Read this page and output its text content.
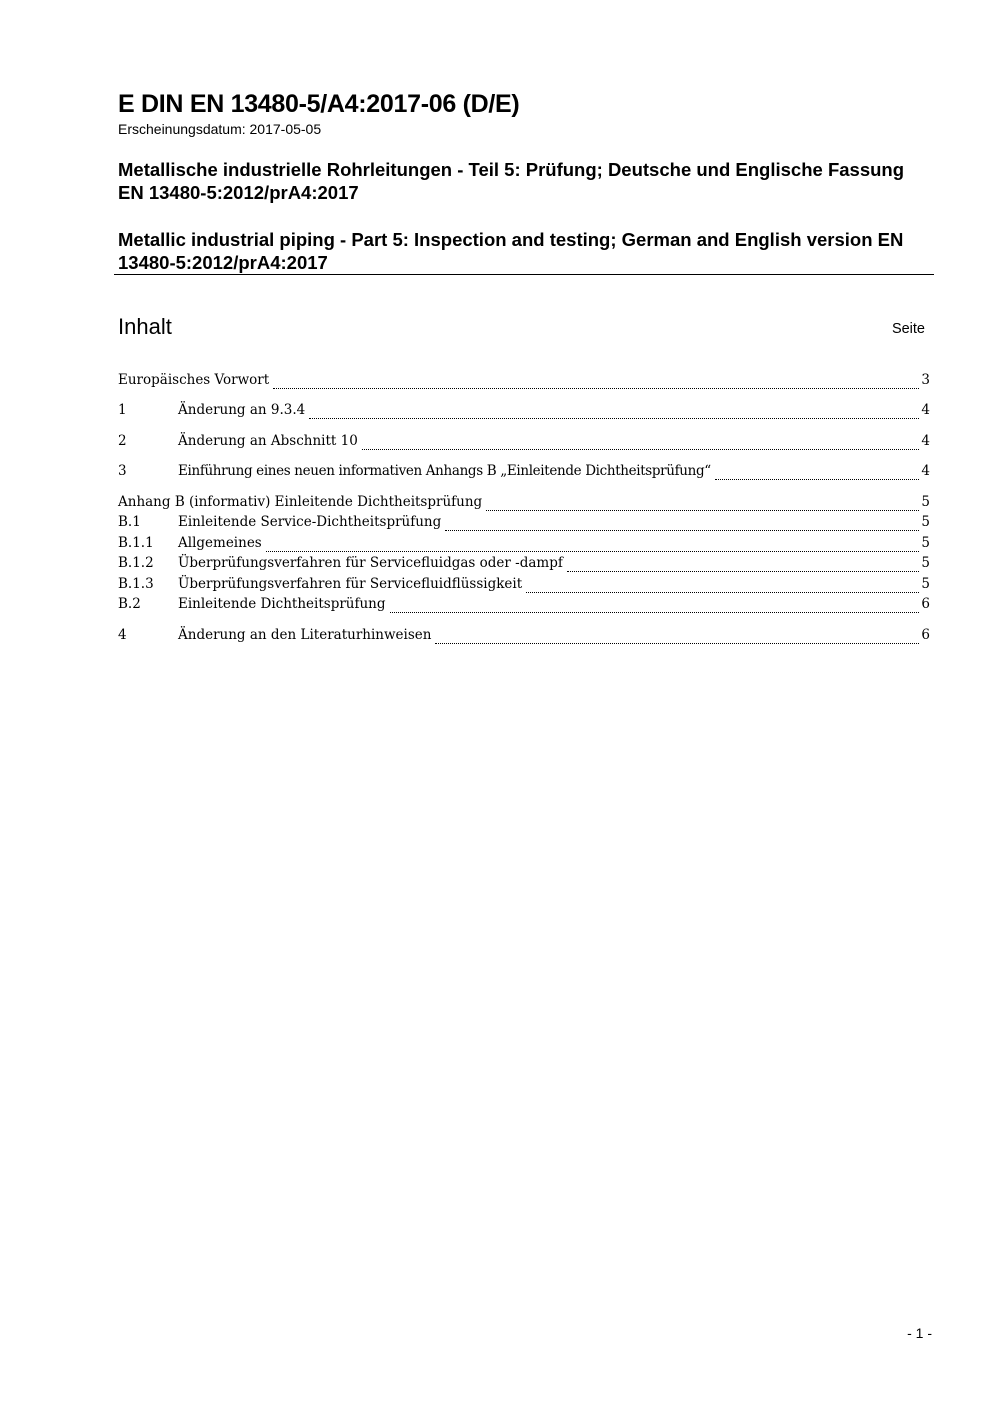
E DIN EN 13480-5/A4:2017-06 (D/E)
Erscheinungsdatum: 2017-05-05
Metallische industrielle Rohrleitungen - Teil 5: Prüfung; Deutsche und Englische Fassung EN 13480-5:2012/prA4:2017
Metallic industrial piping - Part 5: Inspection and testing; German and English version EN 13480-5:2012/prA4:2017
Inhalt	Seite
Europäisches Vorwort	3
1	Änderung an 9.3.4	4
2	Änderung an Abschnitt 10	4
3	Einführung eines neuen informativen Anhangs B „Einleitende Dichtheitsprüfung“	4
Anhang B (informativ) Einleitende Dichtheitsprüfung	5
B.1	Einleitende Service-Dichtheitsprüfung	5
B.1.1	Allgemeines	5
B.1.2	Überprüfungsverfahren für Servicefluidgas oder -dampf	5
B.1.3	Überprüfungsverfahren für Servicefluidflüssigkeit	5
B.2	Einleitende Dichtheitsprüfung	6
4	Änderung an den Literaturhinweisen	6
- 1 -
